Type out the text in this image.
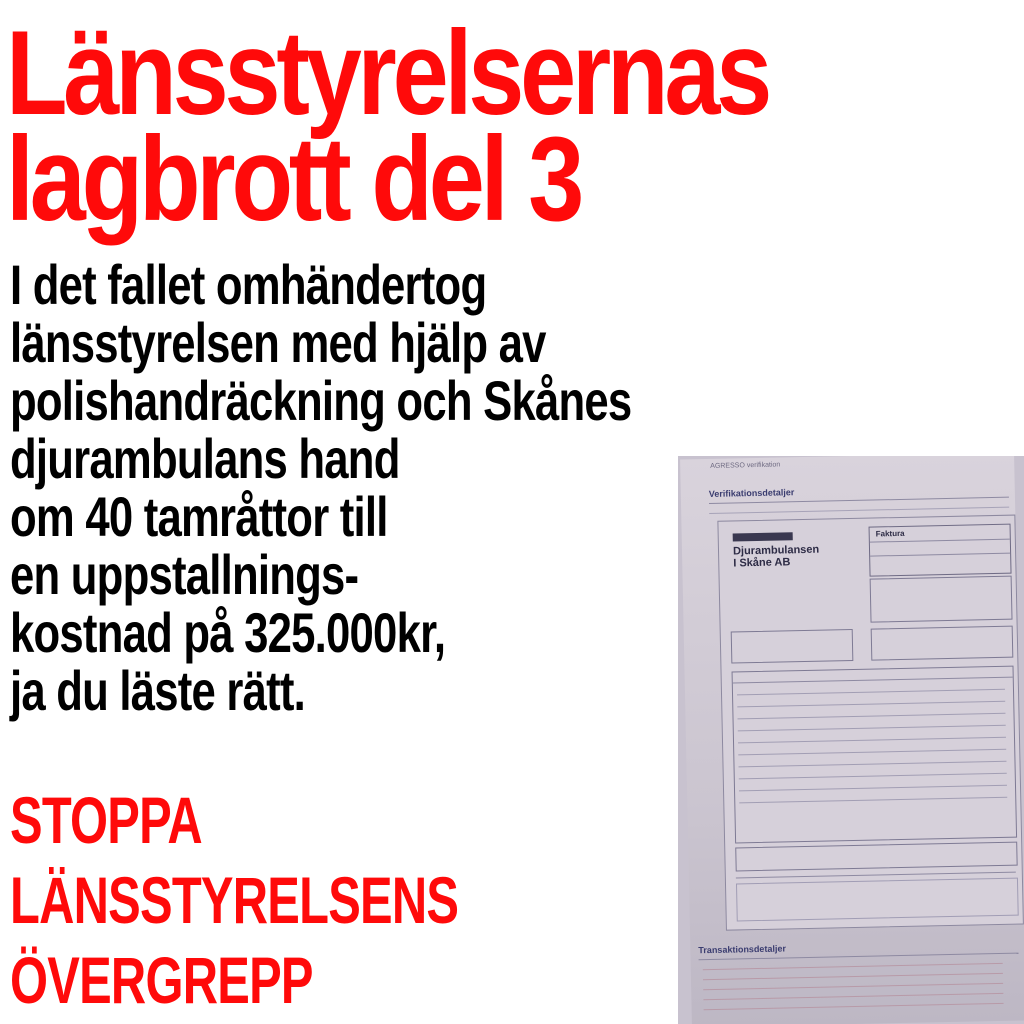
Länsstyrelsernas
lagbrott del 3

I det fallet omhändertog
länsstyrelsen med hjälp av
polishandräckning och Skånes
djurambulans hand
om 40 tamråttor till
en uppstallnings-
kostnad på 325.000kr,
ja du läste rätt.

STOPPA
LÄNSSTYRELSENS
ÖVERGREPP

AGRESSO verifikation
Verifikationsdetaljer
Djurambulansen
I Skåne AB
Faktura
Transaktionsdetaljer
